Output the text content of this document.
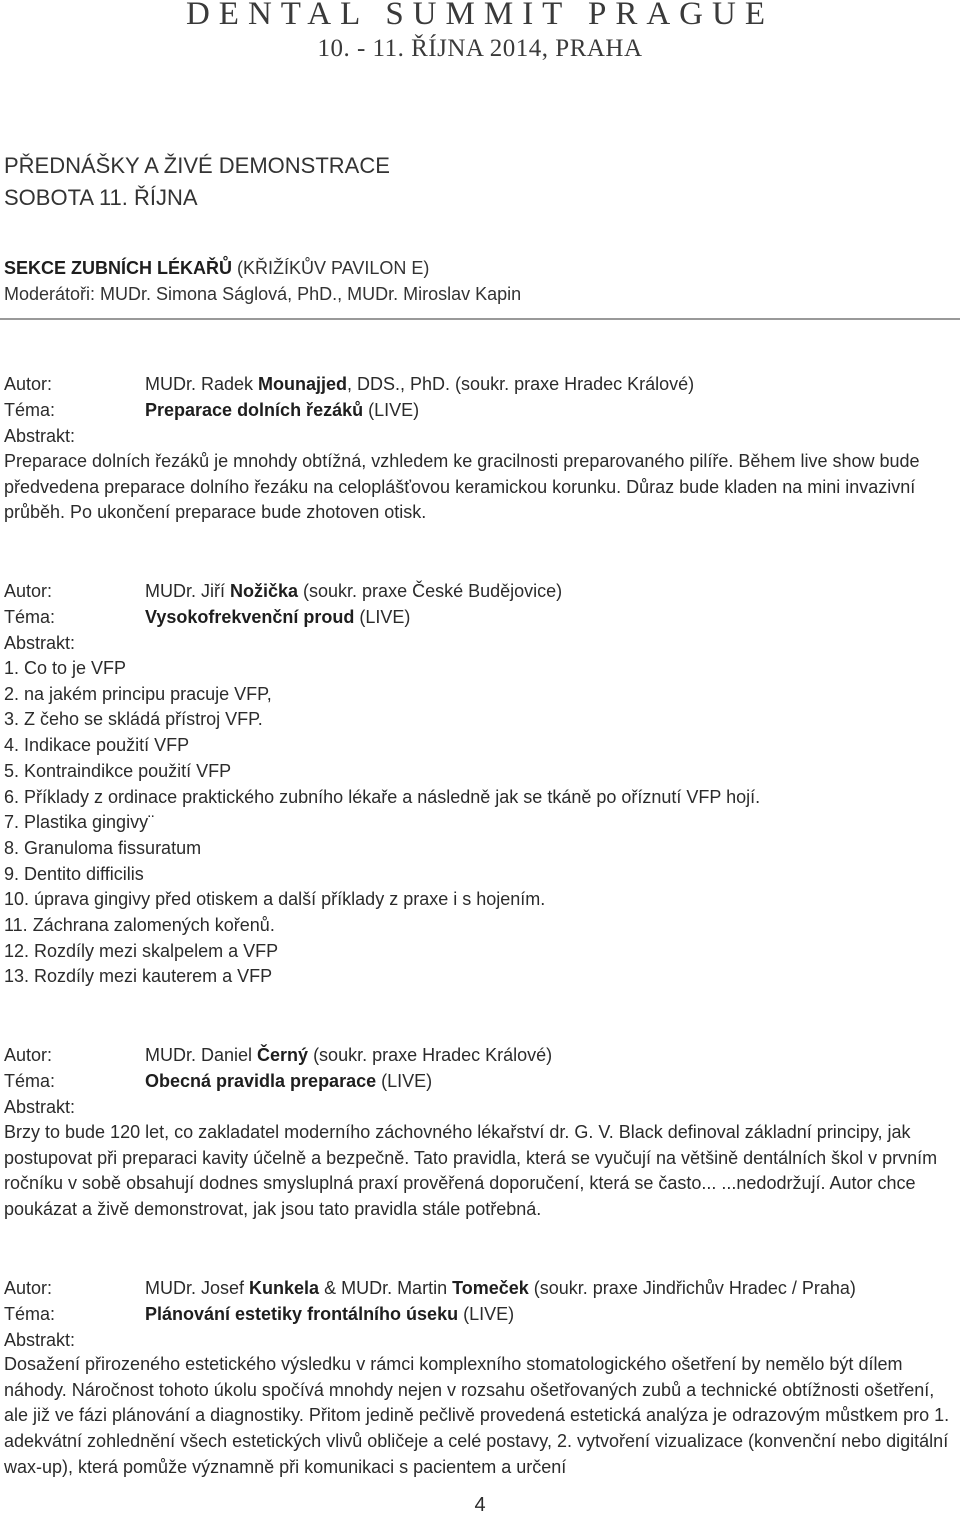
DENTAL SUMMIT PRAGUE
10. - 11. ŘÍJNA 2014, PRAHA
PŘEDNÁŠKY A ŽIVÉ DEMONSTRACE
SOBOTA 11. ŘÍJNA
SEKCE ZUBNÍCH LÉKAŘŮ (KŘIŽÍKŮV PAVILON E)
Moderátoři: MUDr. Simona Ságlová, PhD., MUDr. Miroslav Kapin
Autor:	MUDr. Radek Mounajjed, DDS., PhD. (soukr. praxe Hradec Králové)
Téma:	Preparace dolních řezáků (LIVE)
Abstrakt:
Preparace dolních řezáků je mnohdy obtížná, vzhledem ke gracilnosti preparovaného pilíře. Během live show bude předvedena preparace dolního řezáku na celoplášťovou keramickou korunku. Důraz bude kladen na mini invazivní průběh. Po ukončení preparace bude zhotoven otisk.
Autor:	MUDr. Jiří Nožička (soukr. praxe České Budějovice)
Téma:	Vysokofrekvenční proud (LIVE)
Abstrakt:
1. Co to je VFP
2. na jakém principu pracuje VFP,
3. Z čeho se skládá přístroj VFP.
4. Indikace použití VFP
5. Kontraindikce použití VFP
6. Příklady z ordinace praktického zubního lékaře a následně jak se tkáně po oříznutí VFP hojí.
7. Plastika gingivy¨
8. Granuloma fissuratum
9. Dentito difficilis
10. úprava gingivy před otiskem a další příklady z praxe i s hojením.
11. Záchrana zalomených kořenů.
12. Rozdíly mezi skalpelem a VFP
13. Rozdíly mezi kauterem a VFP
Autor:	MUDr. Daniel Černý (soukr. praxe Hradec Králové)
Téma:	Obecná pravidla preparace (LIVE)
Abstrakt:
Brzy to bude 120 let, co zakladatel moderního záchovného lékařství dr. G. V. Black definoval základní principy, jak postupovat při preparaci kavity účelně a bezpečně. Tato pravidla, která se vyučují na většině dentálních škol v prvním ročníku v sobě obsahují dodnes smysluplná praxí prověřená doporučení, která se často... ...nedodržují. Autor chce poukázat a živě demonstrovat, jak jsou tato pravidla stále potřebná.
Autor:	MUDr. Josef Kunkela & MUDr. Martin Tomeček (soukr. praxe Jindřichův Hradec / Praha)
Téma:	Plánování estetiky frontálního úseku (LIVE)
Abstrakt:
Dosažení přirozeného estetického výsledku v rámci komplexního stomatologického ošetření by nemělo být dílem náhody. Náročnost tohoto úkolu spočívá mnohdy nejen v rozsahu ošetřovaných zubů a technické obtížnosti ošetření, ale již ve fázi plánování a diagnostiky. Přitom jedině pečlivě provedená estetická analýza je odrazovým můstkem pro 1. adekvátní zohlednění všech estetických vlivů obličeje a celé postavy, 2. vytvoření vizualizace (konvenční nebo digitální wax-up), která pomůže významně při komunikaci s pacientem a určení
4
